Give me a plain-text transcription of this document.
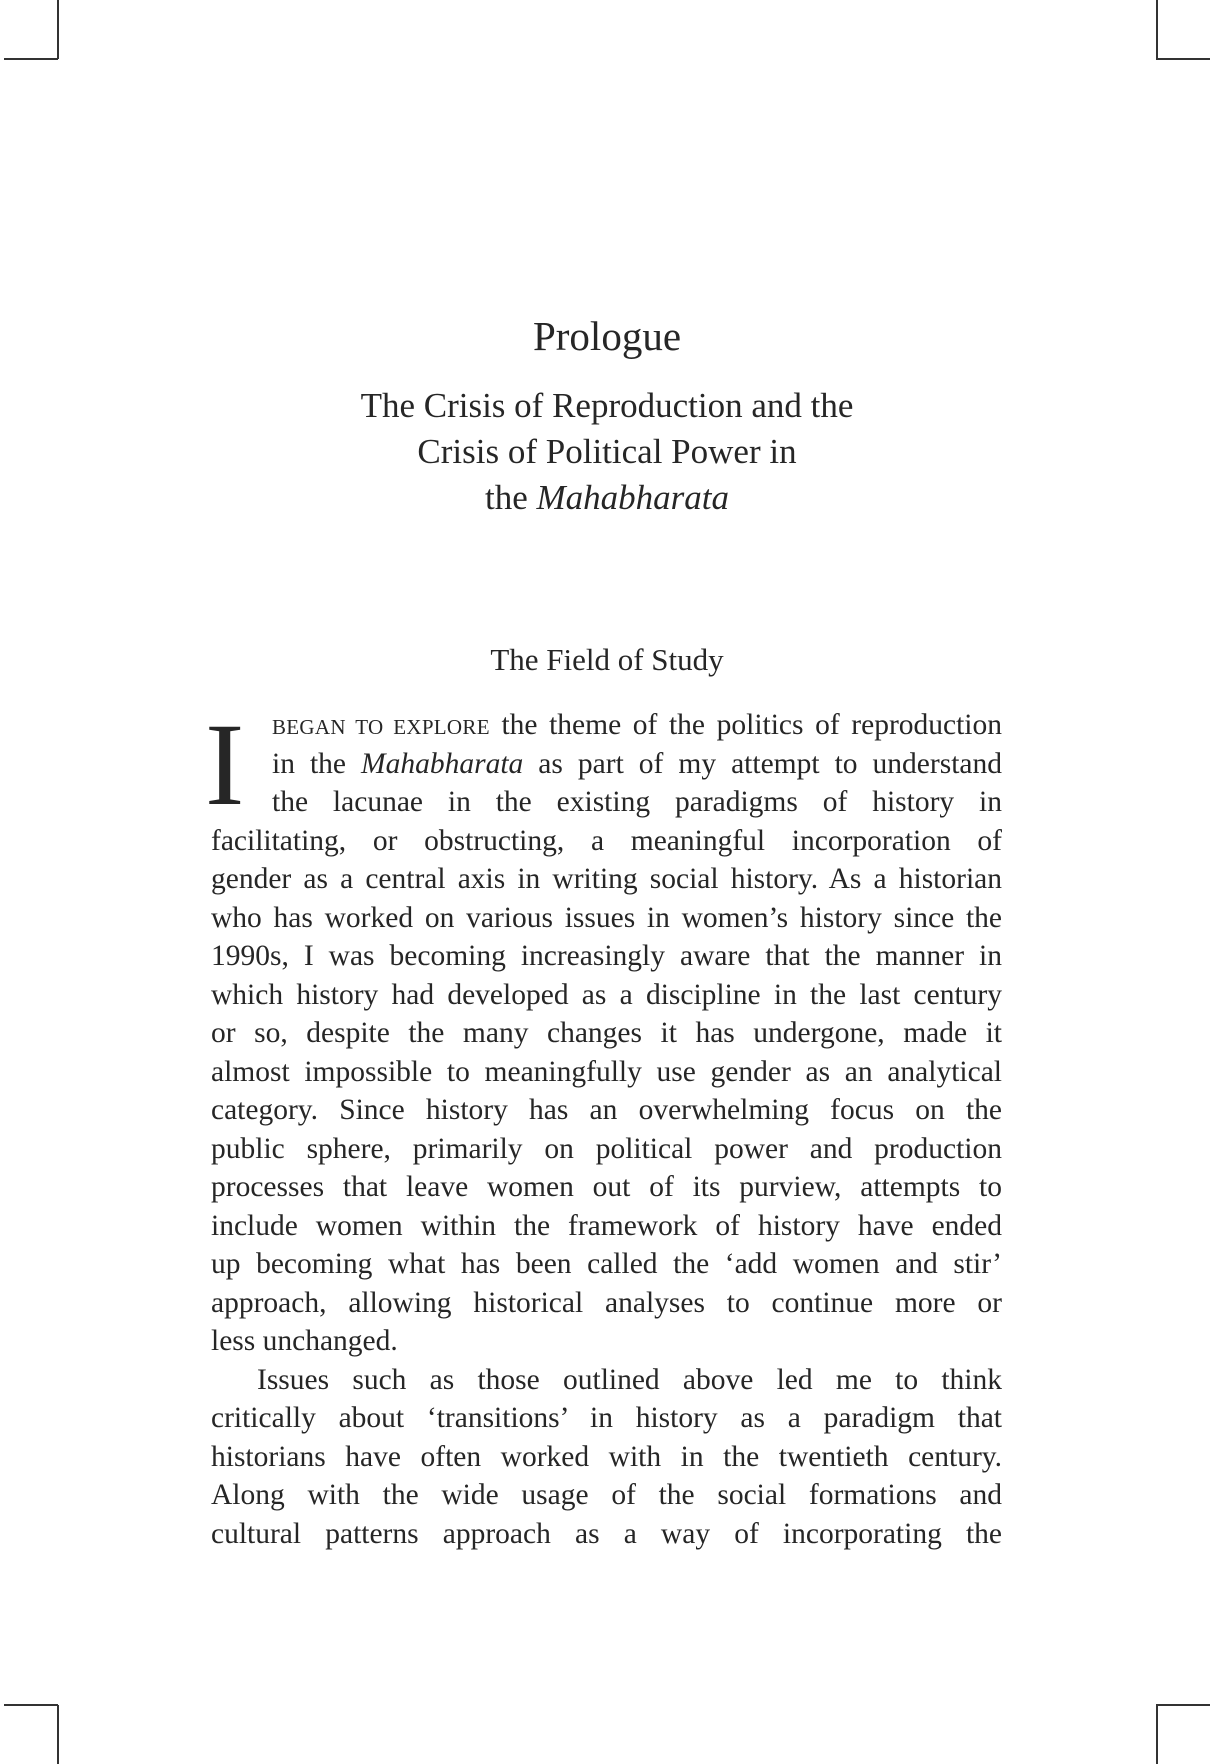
Prologue
The Crisis of Reproduction and the
Crisis of Political Power in
the Mahabharata
The Field of Study
I BEGAN TO EXPLORE the theme of the politics of reproduction
in the Mahabharata as part of my attempt to understand
the lacunae in the existing paradigms of history in
facilitating, or obstructing, a meaningful incorporation of
gender as a central axis in writing social history. As a historian
who has worked on various issues in women’s history since the
1990s, I was becoming increasingly aware that the manner in
which history had developed as a discipline in the last century
or so, despite the many changes it has undergone, made it
almost impossible to meaningfully use gender as an analytical
category. Since history has an overwhelming focus on the
public sphere, primarily on political power and production
processes that leave women out of its purview, attempts to
include women within the framework of history have ended
up becoming what has been called the ‘add women and stir’
approach, allowing historical analyses to continue more or
less unchanged.
Issues such as those outlined above led me to think
critically about ‘transitions’ in history as a paradigm that
historians have often worked with in the twentieth century.
Along with the wide usage of the social formations and
cultural patterns approach as a way of incorporating the
